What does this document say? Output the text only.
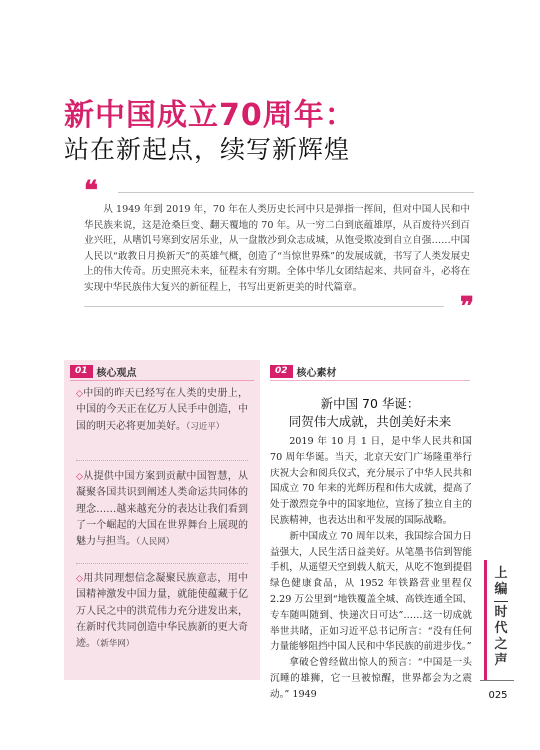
新中国成立70周年：
站在新起点，续写新辉煌
❝

从 1949 年到 2019 年，70 年在人类历史长河中只是弹指一挥间，但对中国人民和中华民族来说，这是沧桑巨变、翻天覆地的 70 年。从一穷二白到底蕴雄厚，从百废待兴到百业兴旺，从嗜饥号寒到安居乐业，从一盘散沙到众志成城，从饱受欺凌到自立自强……中国人民以“敢教日月换新天”的英雄气概，创造了“当惊世界殊”的发展成就，书写了人类发展史上的伟大传奇。历史照亮未来，征程未有穷期。全体中华儿女团结起来、共同奋斗，必将在实现中华民族伟大复兴的新征程上，书写出更新更美的时代篇章。

❞
01 核心观点
◇中国的昨天已经写在人类的史册上，中国的今天正在亿万人民手中创造，中国的明天必将更加美好。（习近平）
◇从提供中国方案到贡献中国智慧，从凝聚各国共识到阐述人类命运共同体的理念……越来越充分的表达让我们看到了一个崛起的大国在世界舞台上展现的魅力与担当。（人民网）
◇用共同理想信念凝聚民族意志，用中国精神激发中国力量，就能使蕴藏于亿万人民之中的洪荒伟力充分进发出来，在新时代共同创造中华民族新的更大奇迹。（新华网）
02 核心素材
新中国 70 华诞：
同贺伟大成就，共创美好未来

2019 年 10 月 1 日，是中华人民共和国 70 周年华诞。当天，北京天安门广场隆重举行庆祝大会和阅兵仪式，充分展示了中华人民共和国成立 70 年来的光辉历程和伟大成就，提高了处于激烈竞争中的国家地位，宣扬了独立自主的民族精神，也表达出和平发展的国际战略。

新中国成立 70 周年以来，我国综合国力日益强大，人民生活日益美好。从笔墨书信到智能手机，从遥望天空到载人航天，从吃不饱到提倡绿色健康食品，从 1952 年铁路营业里程仅 2.29 万公里到“地铁覆盖全城、高铁连通全国、专车随叫随到、快递次日可达”……这一切成就举世共睹，正如习近平总书记所言：“没有任何力量能够阻挡中国人民和中华民族的前进步伐。”

拿破仑曾经做出惊人的预言：“中国是一头沉睡的雄狮，它一旦被惊醒，世界都会为之震动。” 1949

上编
时代之声
025
